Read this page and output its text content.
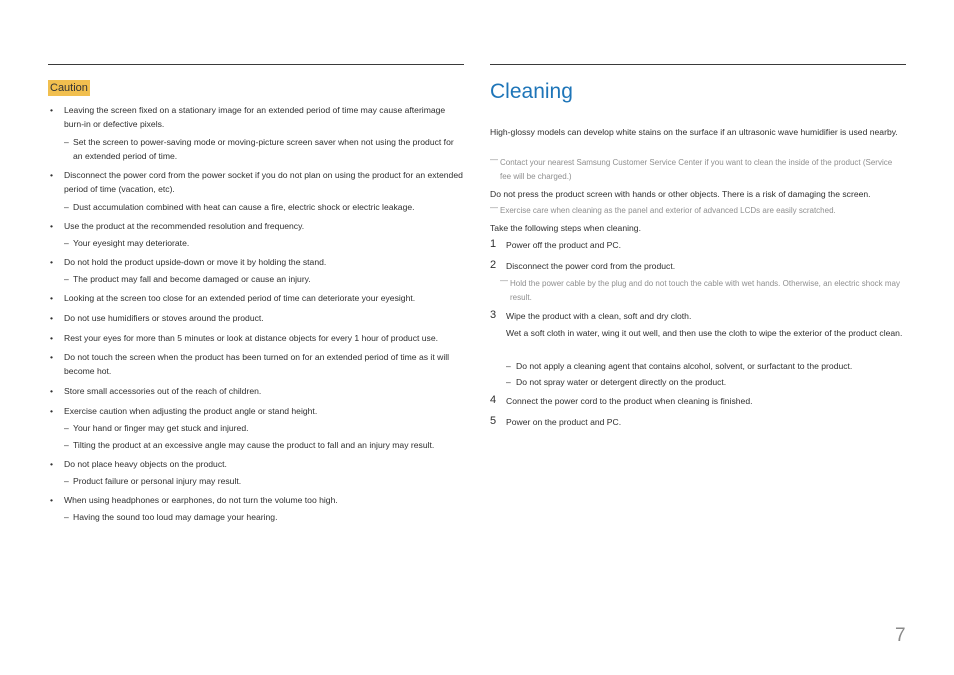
Caution
• Leaving the screen fixed on a stationary image for an extended period of time may cause afterimage burn-in or defective pixels.
– Set the screen to power-saving mode or moving-picture screen saver when not using the product for an extended period of time.
• Disconnect the power cord from the power socket if you do not plan on using the product for an extended period of time (vacation, etc).
– Dust accumulation combined with heat can cause a fire, electric shock or electric leakage.
• Use the product at the recommended resolution and frequency.
– Your eyesight may deteriorate.
• Do not hold the product upside-down or move it by holding the stand.
– The product may fall and become damaged or cause an injury.
• Looking at the screen too close for an extended period of time can deteriorate your eyesight.
• Do not use humidifiers or stoves around the product.
• Rest your eyes for more than 5 minutes or look at distance objects for every 1 hour of product use.
• Do not touch the screen when the product has been turned on for an extended period of time as it will become hot.
• Store small accessories out of the reach of children.
• Exercise caution when adjusting the product angle or stand height.
– Your hand or finger may get stuck and injured.
– Tilting the product at an excessive angle may cause the product to fall and an injury may result.
• Do not place heavy objects on the product.
– Product failure or personal injury may result.
• When using headphones or earphones, do not turn the volume too high.
– Having the sound too loud may damage your hearing.
Cleaning
High-glossy models can develop white stains on the surface if an ultrasonic wave humidifier is used nearby.
― Contact your nearest Samsung Customer Service Center if you want to clean the inside of the product (Service fee will be charged.)
Do not press the product screen with hands or other objects. There is a risk of damaging the screen.
― Exercise care when cleaning as the panel and exterior of advanced LCDs are easily scratched.
Take the following steps when cleaning.
1 Power off the product and PC.
2 Disconnect the power cord from the product.
― Hold the power cable by the plug and do not touch the cable with wet hands. Otherwise, an electric shock may result.
3 Wipe the product with a clean, soft and dry cloth.
Wet a soft cloth in water, wing it out well, and then use the cloth to wipe the exterior of the product clean.
– Do not apply a cleaning agent that contains alcohol, solvent, or surfactant to the product.
– Do not spray water or detergent directly on the product.
4 Connect the power cord to the product when cleaning is finished.
5 Power on the product and PC.
7
